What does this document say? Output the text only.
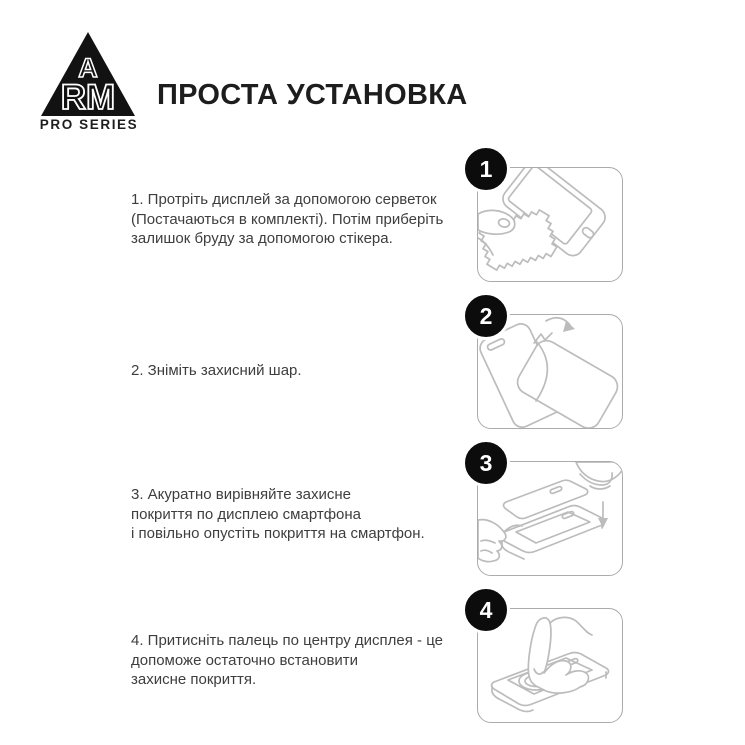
A
RM
PRO SERIES
ПРОСТА УСТАНОВКА
1. Протріть дисплей за допомогою серветок
(Постачаються в комплекті). Потім приберіть
залишок бруду за допомогою стікера.
2. Зніміть захисний шар.
3. Акуратно вирівняйте захисне
покриття по дисплею смартфона
і повільно опустіть покриття на смартфон.
4. Притисніть палець по центру дисплея - це
допоможе остаточно встановити
захисне покриття.
1
2
3
4
